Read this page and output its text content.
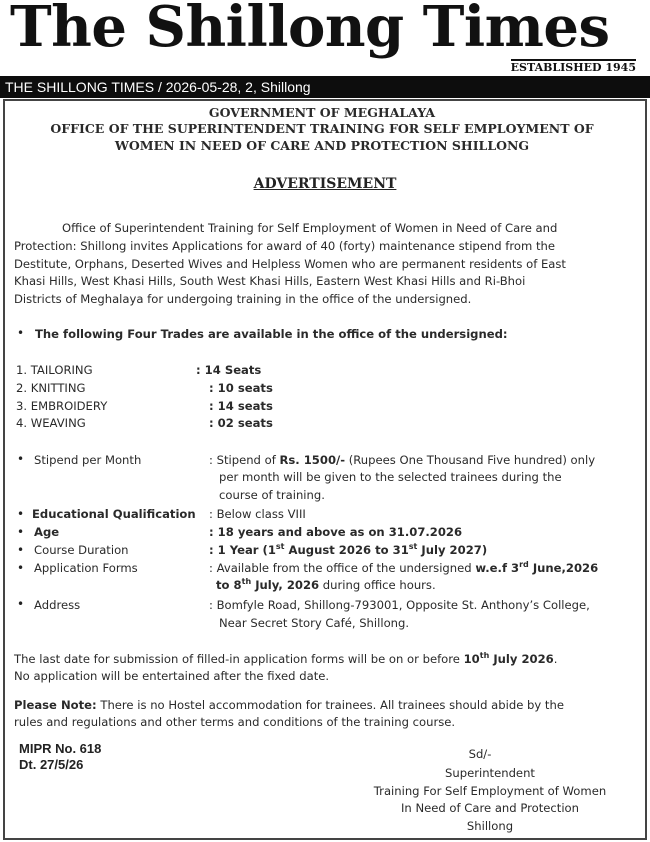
The Shillong Times
ESTABLISHED 1945
THE SHILLONG TIMES / 2026-05-28, 2, Shillong
GOVERNMENT OF MEGHALAYA
OFFICE OF THE SUPERINTENDENT TRAINING FOR SELF EMPLOYMENT OF
WOMEN IN NEED OF CARE AND PROTECTION SHILLONG
ADVERTISEMENT
Office of Superintendent Training for Self Employment of Women in Need of Care and
Protection: Shillong invites Applications for award of 40 (forty) maintenance stipend from the
Destitute, Orphans, Deserted Wives and Helpless Women who are permanent residents of East
Khasi Hills, West Khasi Hills, South West Khasi Hills, Eastern West Khasi Hills and Ri-Bhoi
Districts of Meghalaya for undergoing training in the office of the undersigned.
• The following Four Trades are available in the office of the undersigned:
1. TAILORING	: 14 Seats
2. KNITTING	: 10 seats
3. EMBROIDERY	: 14 seats
4. WEAVING	: 02 seats
• Stipend per Month	: Stipend of Rs. 1500/- (Rupees One Thousand Five hundred) only
per month will be given to the selected trainees during the
course of training.
• Educational Qualification : Below class VIII
• Age	: 18 years and above as on 31.07.2026
• Course Duration	: 1 Year (1st August 2026 to 31st July 2027)
• Application Forms	: Available from the office of the undersigned w.e.f 3rd June,2026
to 8th July, 2026 during office hours.
• Address	: Bomfyle Road, Shillong-793001, Opposite St. Anthony’s College,
Near Secret Story Café, Shillong.
The last date for submission of filled-in application forms will be on or before 10th July 2026.
No application will be entertained after the fixed date.
Please Note: There is no Hostel accommodation for trainees. All trainees should abide by the
rules and regulations and other terms and conditions of the training course.
MIPR No. 618
Dt. 27/5/26
Sd/-
Superintendent
Training For Self Employment of Women
In Need of Care and Protection
Shillong
